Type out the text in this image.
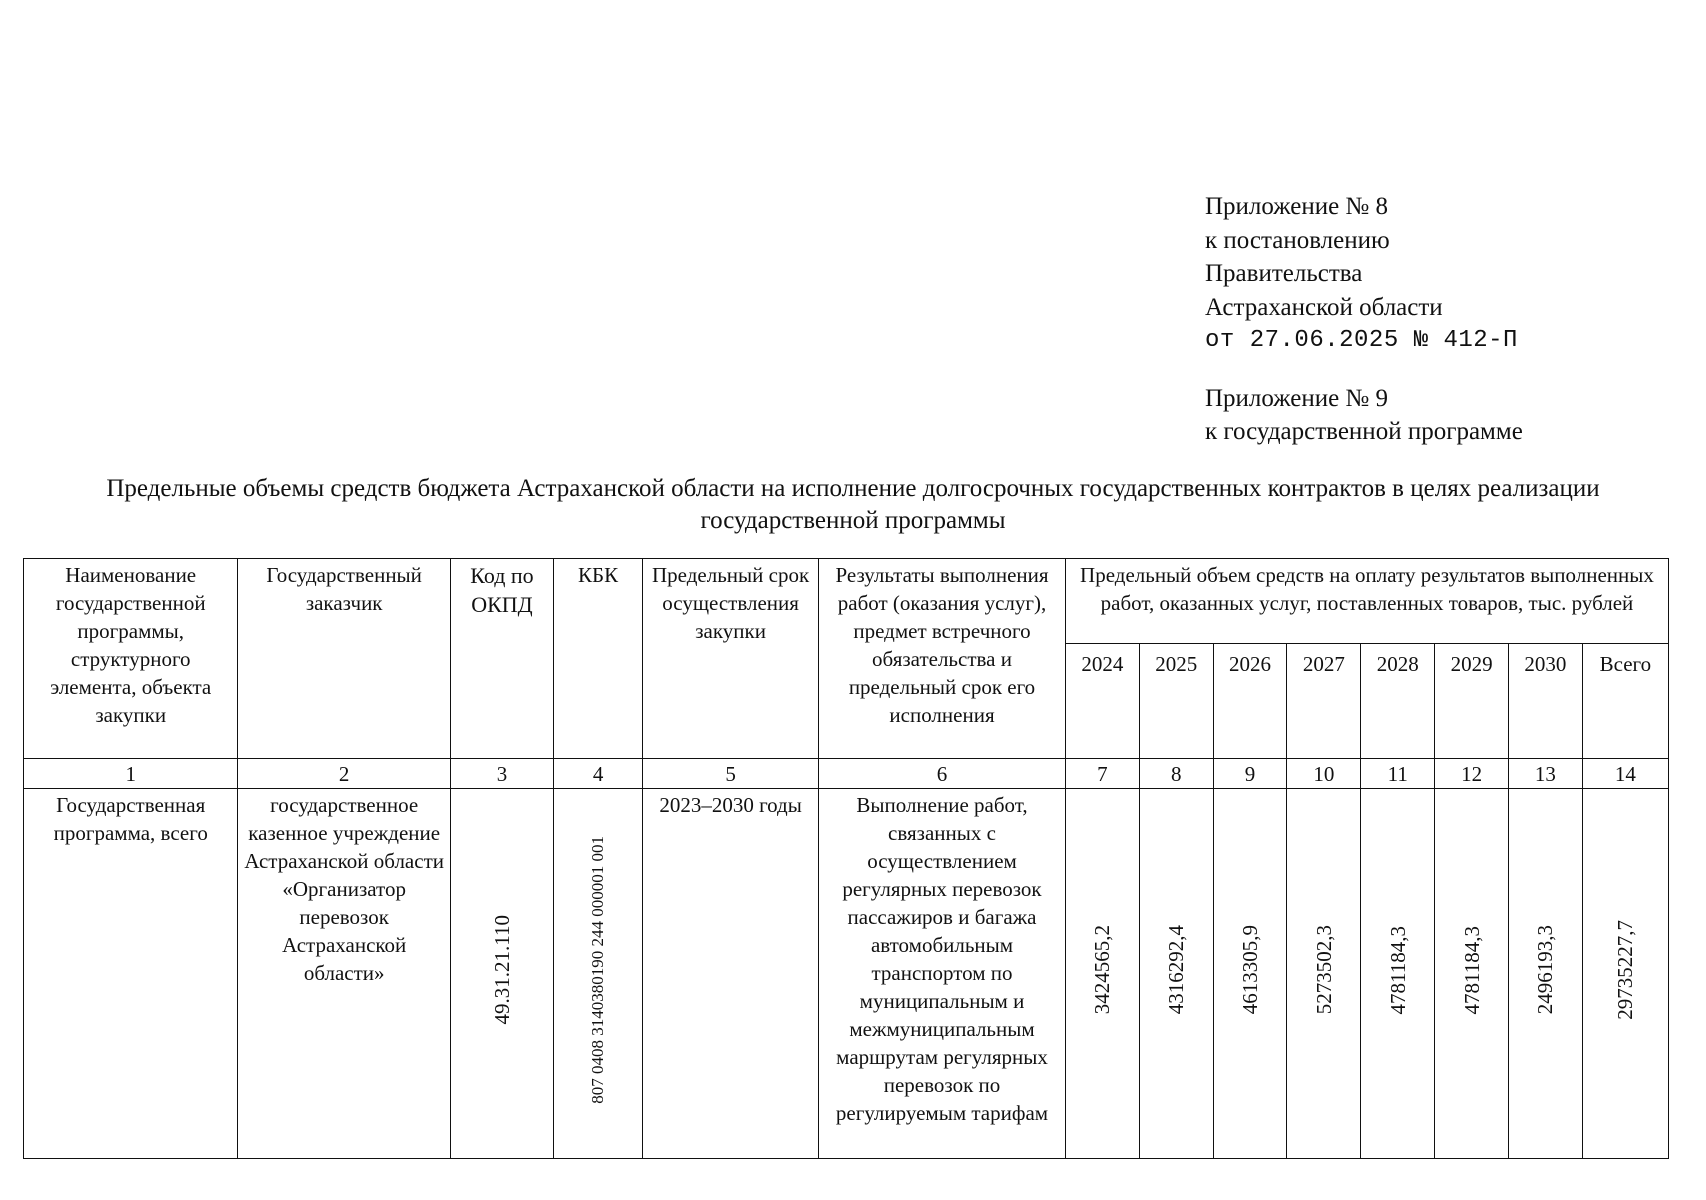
Приложение № 8
к постановлению
Правительства
Астраханской области
от 27.06.2025 № 412-П
Приложение № 9
к государственной программе
Предельные объемы средств бюджета Астраханской области на исполнение долгосрочных государственных контрактов в целях реализации государственной программы
Наименование государственной программы, структурного элемента, объекта закупки	Государственный заказчик	Код по ОКПД	КБК	Предельный срок осуществления закупки	Результаты выполнения работ (оказания услуг), предмет встречного обязательства и предельный срок его исполнения	Предельный объем средств на оплату результатов выполненных работ, оказанных услуг, поставленных товаров, тыс. рублей							
						2024	2025	2026	2027	2028	2029	2030	Всего
1	2	3	4	5	6	7	8	9	10	11	12	13	14
Государственная программа, всего	государственное казенное учреждение Астраханской области «Организатор перевозок Астраханской области»	49.31.21.110	807 0408 3140380190 244 000001 001	2023–2030 годы	Выполнение работ, связанных с осуществлением регулярных перевозок пассажиров и багажа автомобильным транспортом по муниципальным и межмуниципальным маршрутам регулярных перевозок по регулируемым тарифам	3424565,2	4316292,4	4613305,9	5273502,3	4781184,3	4781184,3	2496193,3	29735227,7
